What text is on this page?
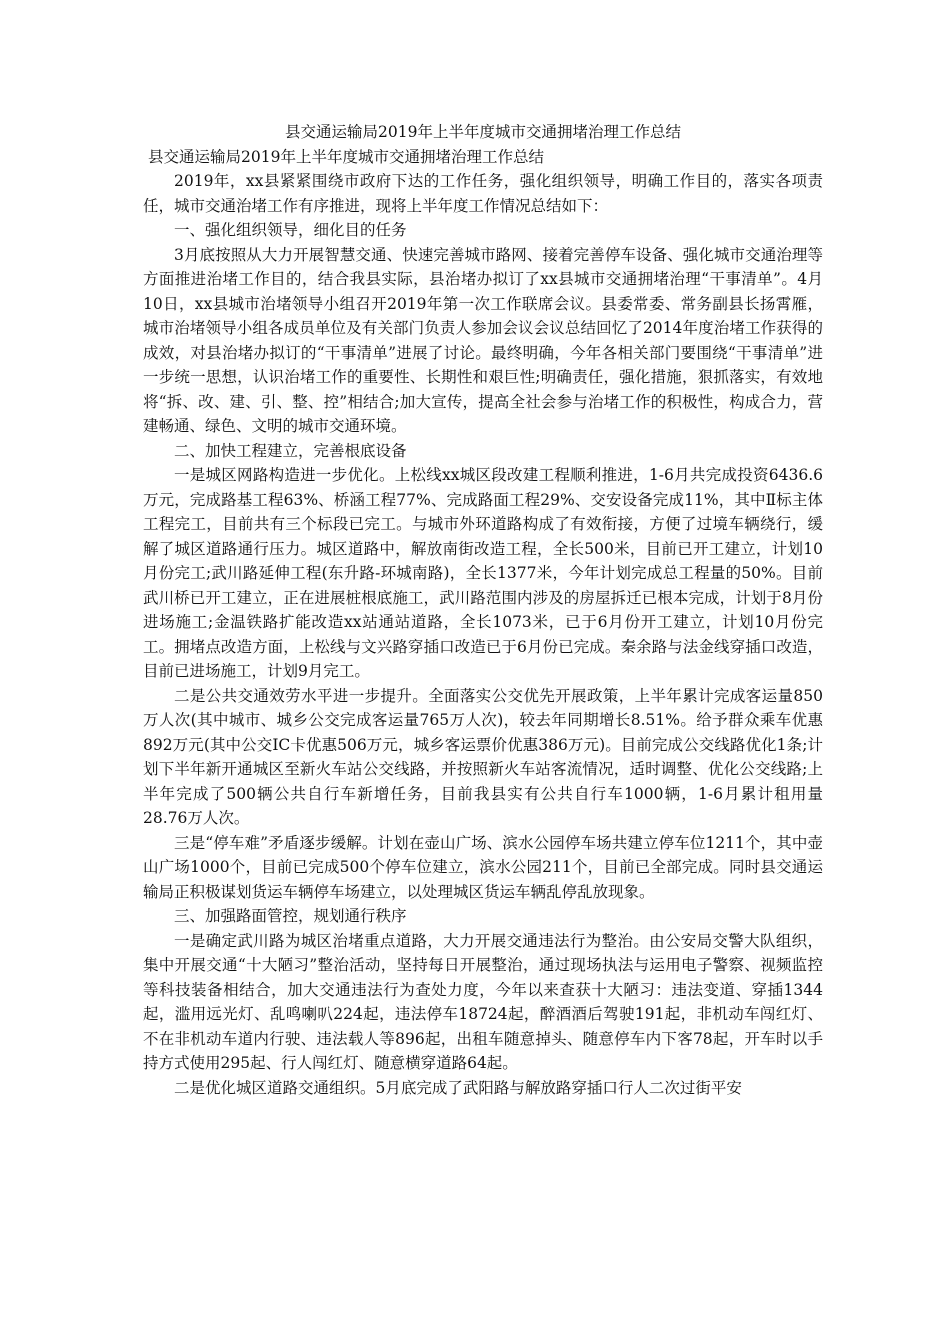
县交通运输局2019年上半年度城市交通拥堵治理工作总结

县交通运输局2019年上半年度城市交通拥堵治理工作总结

2019年，xx县紧紧围绕市政府下达的工作任务，强化组织领导，明确工作目的，落实各项责任，城市交通治堵工作有序推进，现将上半年度工作情况总结如下：

一、强化组织领导，细化目的任务

3月底按照从大力开展智慧交通、快速完善城市路网、接着完善停车设备、强化城市交通治理等方面推进治堵工作目的，结合我县实际，县治堵办拟订了xx县城市交通拥堵治理“干事清单”。4月10日，xx县城市治堵领导小组召开2019年第一次工作联席会议。县委常委、常务副县长扬霄雁，城市治堵领导小组各成员单位及有关部门负责人参加会议会议总结回忆了2014年度治堵工作获得的成效，对县治堵办拟订的“干事清单”进展了讨论。最终明确，今年各相关部门要围绕“干事清单”进一步统一思想，认识治堵工作的重要性、长期性和艰巨性;明确责任，强化措施，狠抓落实，有效地将“拆、改、建、引、整、控”相结合;加大宣传，提高全社会参与治堵工作的积极性，构成合力，营建畅通、绿色、文明的城市交通环境。

二、加快工程建立，完善根底设备

一是城区网路构造进一步优化。上松线xx城区段改建工程顺利推进，1-6月共完成投资6436.6万元，完成路基工程63%、桥涵工程77%、完成路面工程29%、交安设备完成11%，其中Ⅱ标主体工程完工，目前共有三个标段已完工。与城市外环道路构成了有效衔接，方便了过境车辆绕行，缓解了城区道路通行压力。城区道路中，解放南街改造工程，全长500米，目前已开工建立，计划10月份完工;武川路延伸工程(东升路-环城南路)，全长1377米，今年计划完成总工程量的50%。目前武川桥已开工建立，正在进展桩根底施工，武川路范围内涉及的房屋拆迁已根本完成，计划于8月份进场施工;金温铁路扩能改造xx站通站道路，全长1073米，已于6月份开工建立，计划10月份完工。拥堵点改造方面，上松线与文兴路穿插口改造已于6月份已完成。秦余路与法金线穿插口改造，目前已进场施工，计划9月完工。

二是公共交通效劳水平进一步提升。全面落实公交优先开展政策，上半年累计完成客运量850万人次(其中城市、城乡公交完成客运量765万人次)，较去年同期增长8.51%。给予群众乘车优惠892万元(其中公交IC卡优惠506万元，城乡客运票价优惠386万元)。目前完成公交线路优化1条;计划下半年新开通城区至新火车站公交线路，并按照新火车站客流情况，适时调整、优化公交线路;上半年完成了500辆公共自行车新增任务，目前我县实有公共自行车1000辆，1-6月累计租用量28.76万人次。

三是“停车难”矛盾逐步缓解。计划在壶山广场、滨水公园停车场共建立停车位1211个，其中壶山广场1000个，目前已完成500个停车位建立，滨水公园211个，目前已全部完成。同时县交通运输局正积极谋划货运车辆停车场建立，以处理城区货运车辆乱停乱放现象。

三、加强路面管控，规划通行秩序

一是确定武川路为城区治堵重点道路，大力开展交通违法行为整治。由公安局交警大队组织，集中开展交通“十大陋习”整治活动，坚持每日开展整治，通过现场执法与运用电子警察、视频监控等科技装备相结合，加大交通违法行为查处力度，今年以来查获十大陋习：违法变道、穿插1344起，滥用远光灯、乱鸣喇叭224起，违法停车18724起，醉酒酒后驾驶191起，非机动车闯红灯、不在非机动车道内行驶、违法载人等896起，出租车随意掉头、随意停车内下客78起，开车时以手持方式使用295起、行人闯红灯、随意横穿道路64起。

二是优化城区道路交通组织。5月底完成了武阳路与解放路穿插口行人二次过街平安
